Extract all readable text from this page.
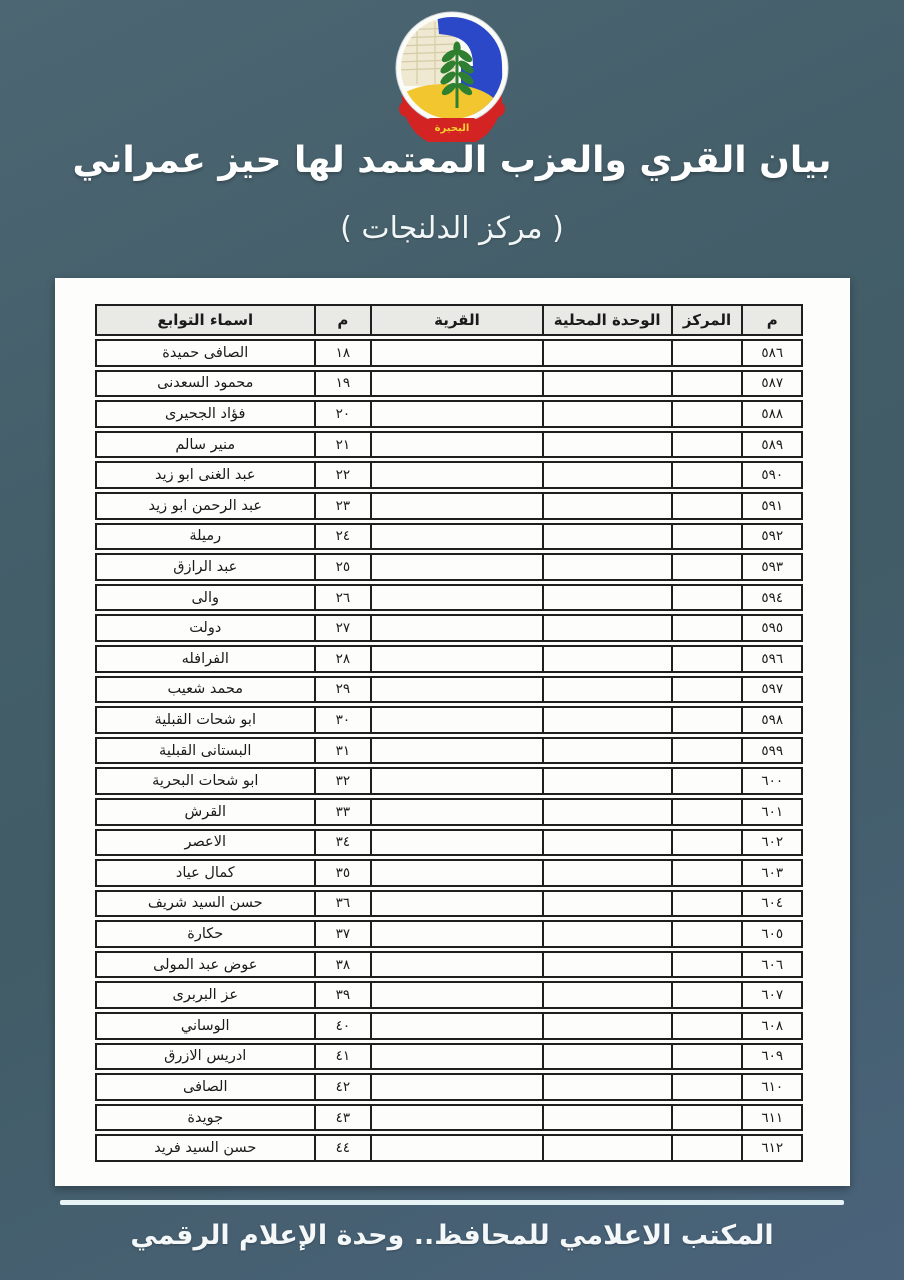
البحيرة
بيان القري والعزب المعتمد لها حيز عمراني
( مركز الدلنجات )
م	المركز	الوحدة المحلية	القرية	م	اسماء التوابع
٥٨٦				١٨	الصافى حميدة
٥٨٧				١٩	محمود السعدنى
٥٨٨				٢٠	فؤاد الجحيرى
٥٨٩				٢١	منير سالم
٥٩٠				٢٢	عبد الغنى ابو زيد
٥٩١				٢٣	عبد الرحمن ابو زيد
٥٩٢				٢٤	رميلة
٥٩٣				٢٥	عبد الرازق
٥٩٤				٢٦	والى
٥٩٥				٢٧	دولت
٥٩٦				٢٨	الفرافله
٥٩٧				٢٩	محمد شعيب
٥٩٨				٣٠	ابو شحات القبلية
٥٩٩				٣١	البستانى القبلية
٦٠٠				٣٢	ابو شحات البحرية
٦٠١				٣٣	القرش
٦٠٢				٣٤	الاعصر
٦٠٣				٣٥	كمال عياد
٦٠٤				٣٦	حسن السيد شريف
٦٠٥				٣٧	حكارة
٦٠٦				٣٨	عوض عبد المولى
٦٠٧				٣٩	عز البربرى
٦٠٨				٤٠	الوساني
٦٠٩				٤١	ادريس الازرق
٦١٠				٤٢	الصافى
٦١١				٤٣	جويدة
٦١٢				٤٤	حسن السيد فريد
المكتب الاعلامي للمحافظ.. وحدة الإعلام الرقمي
